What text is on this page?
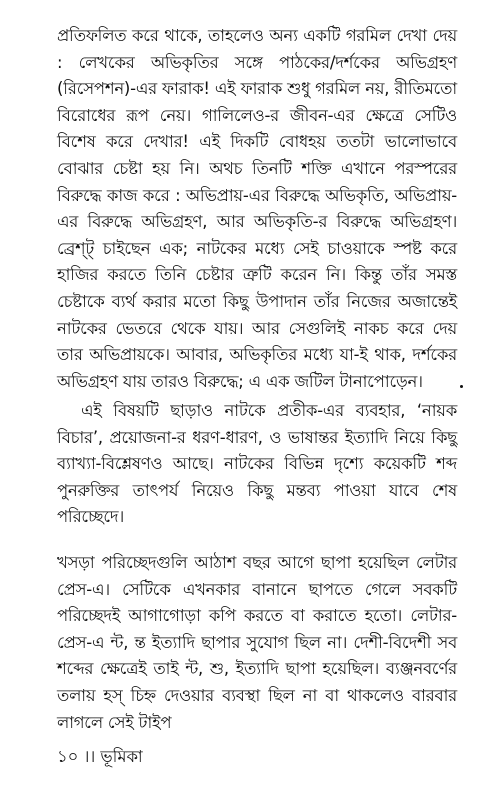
প্রতিফলিত করে থাকে, তাহলেও অন্য একটি গরমিল দেখা দেয় : লেখকের অভিকৃতির সঙ্গে পাঠকের/দর্শকের অভিগ্রহণ (রিসেপশন)-এর ফারাক! এই ফারাক শুধু গরমিল নয়, রীতিমতো বিরোধের রূপ নেয়। গালিলেও-র জীবন-এর ক্ষেত্রে সেটিও বিশেষ করে দেখার! এই দিকটি বোধহয় ততটা ভালোভাবে বোঝার চেষ্টা হয় নি। অথচ তিনটি শক্তি এখানে পরস্পরের বিরুদ্ধে কাজ করে : অভিপ্রায়-এর বিরুদ্ধে অভিকৃতি, অভিপ্রায়-এর বিরুদ্ধে অভিগ্রহণ, আর অভিকৃতি-র বিরুদ্ধে অভিগ্রহণ। ব্রেশ্ট্ চাইছেন এক; নাটকের মধ্যে সেই চাওয়াকে স্পষ্ট করে হাজির করতে তিনি চেষ্টার ত্রুটি করেন নি। কিন্তু তাঁর সমস্ত চেষ্টাকে ব্যর্থ করার মতো কিছু উপাদান তাঁর নিজের অজান্তেই নাটকের ভেতরে থেকে যায়। আর সেগুলিই নাকচ করে দেয় তার অভিপ্রায়কে। আবার, অভিকৃতির মধ্যে যা-ই থাক, দর্শকের অভিগ্রহণ যায় তারও বিরুদ্ধে; এ এক জটিল টানাপোড়েন।

এই বিষয়টি ছাড়াও নাটকে প্রতীক-এর ব্যবহার, ‘নায়ক বিচার’, প্রয়োজনা-র ধরণ-ধারণ, ও ভাষান্তর ইত্যাদি নিয়ে কিছু ব্যাখ্যা-বিশ্লেষণও আছে। নাটকের বিভিন্ন দৃশ্যে কয়েকটি শব্দ পুনরুক্তির তাৎপর্য নিয়েও কিছু মন্তব্য পাওয়া যাবে শেষ পরিচ্ছেদে।

খসড়া পরিচ্ছেদগুলি আঠাশ বছর আগে ছাপা হয়েছিল লেটার প্রেস-এ। সেটিকে এখনকার বানানে ছাপতে গেলে সবকটি পরিচ্ছেদই আগাগোড়া কপি করতে বা করাতে হতো। লেটার-প্রেস-এ ন্ট, ন্ত ইত্যাদি ছাপার সুযোগ ছিল না। দেশী-বিদেশী সব শব্দের ক্ষেত্রেই তাই ন্ট, শু, ইত্যাদি ছাপা হয়েছিল। ব্যঞ্জনবর্ণের তলায় হস্ চিহ্ন দেওয়ার ব্যবস্থা ছিল না বা থাকলেও বারবার লাগলে সেই টাইপ

১০ ।। ভূমিকা
